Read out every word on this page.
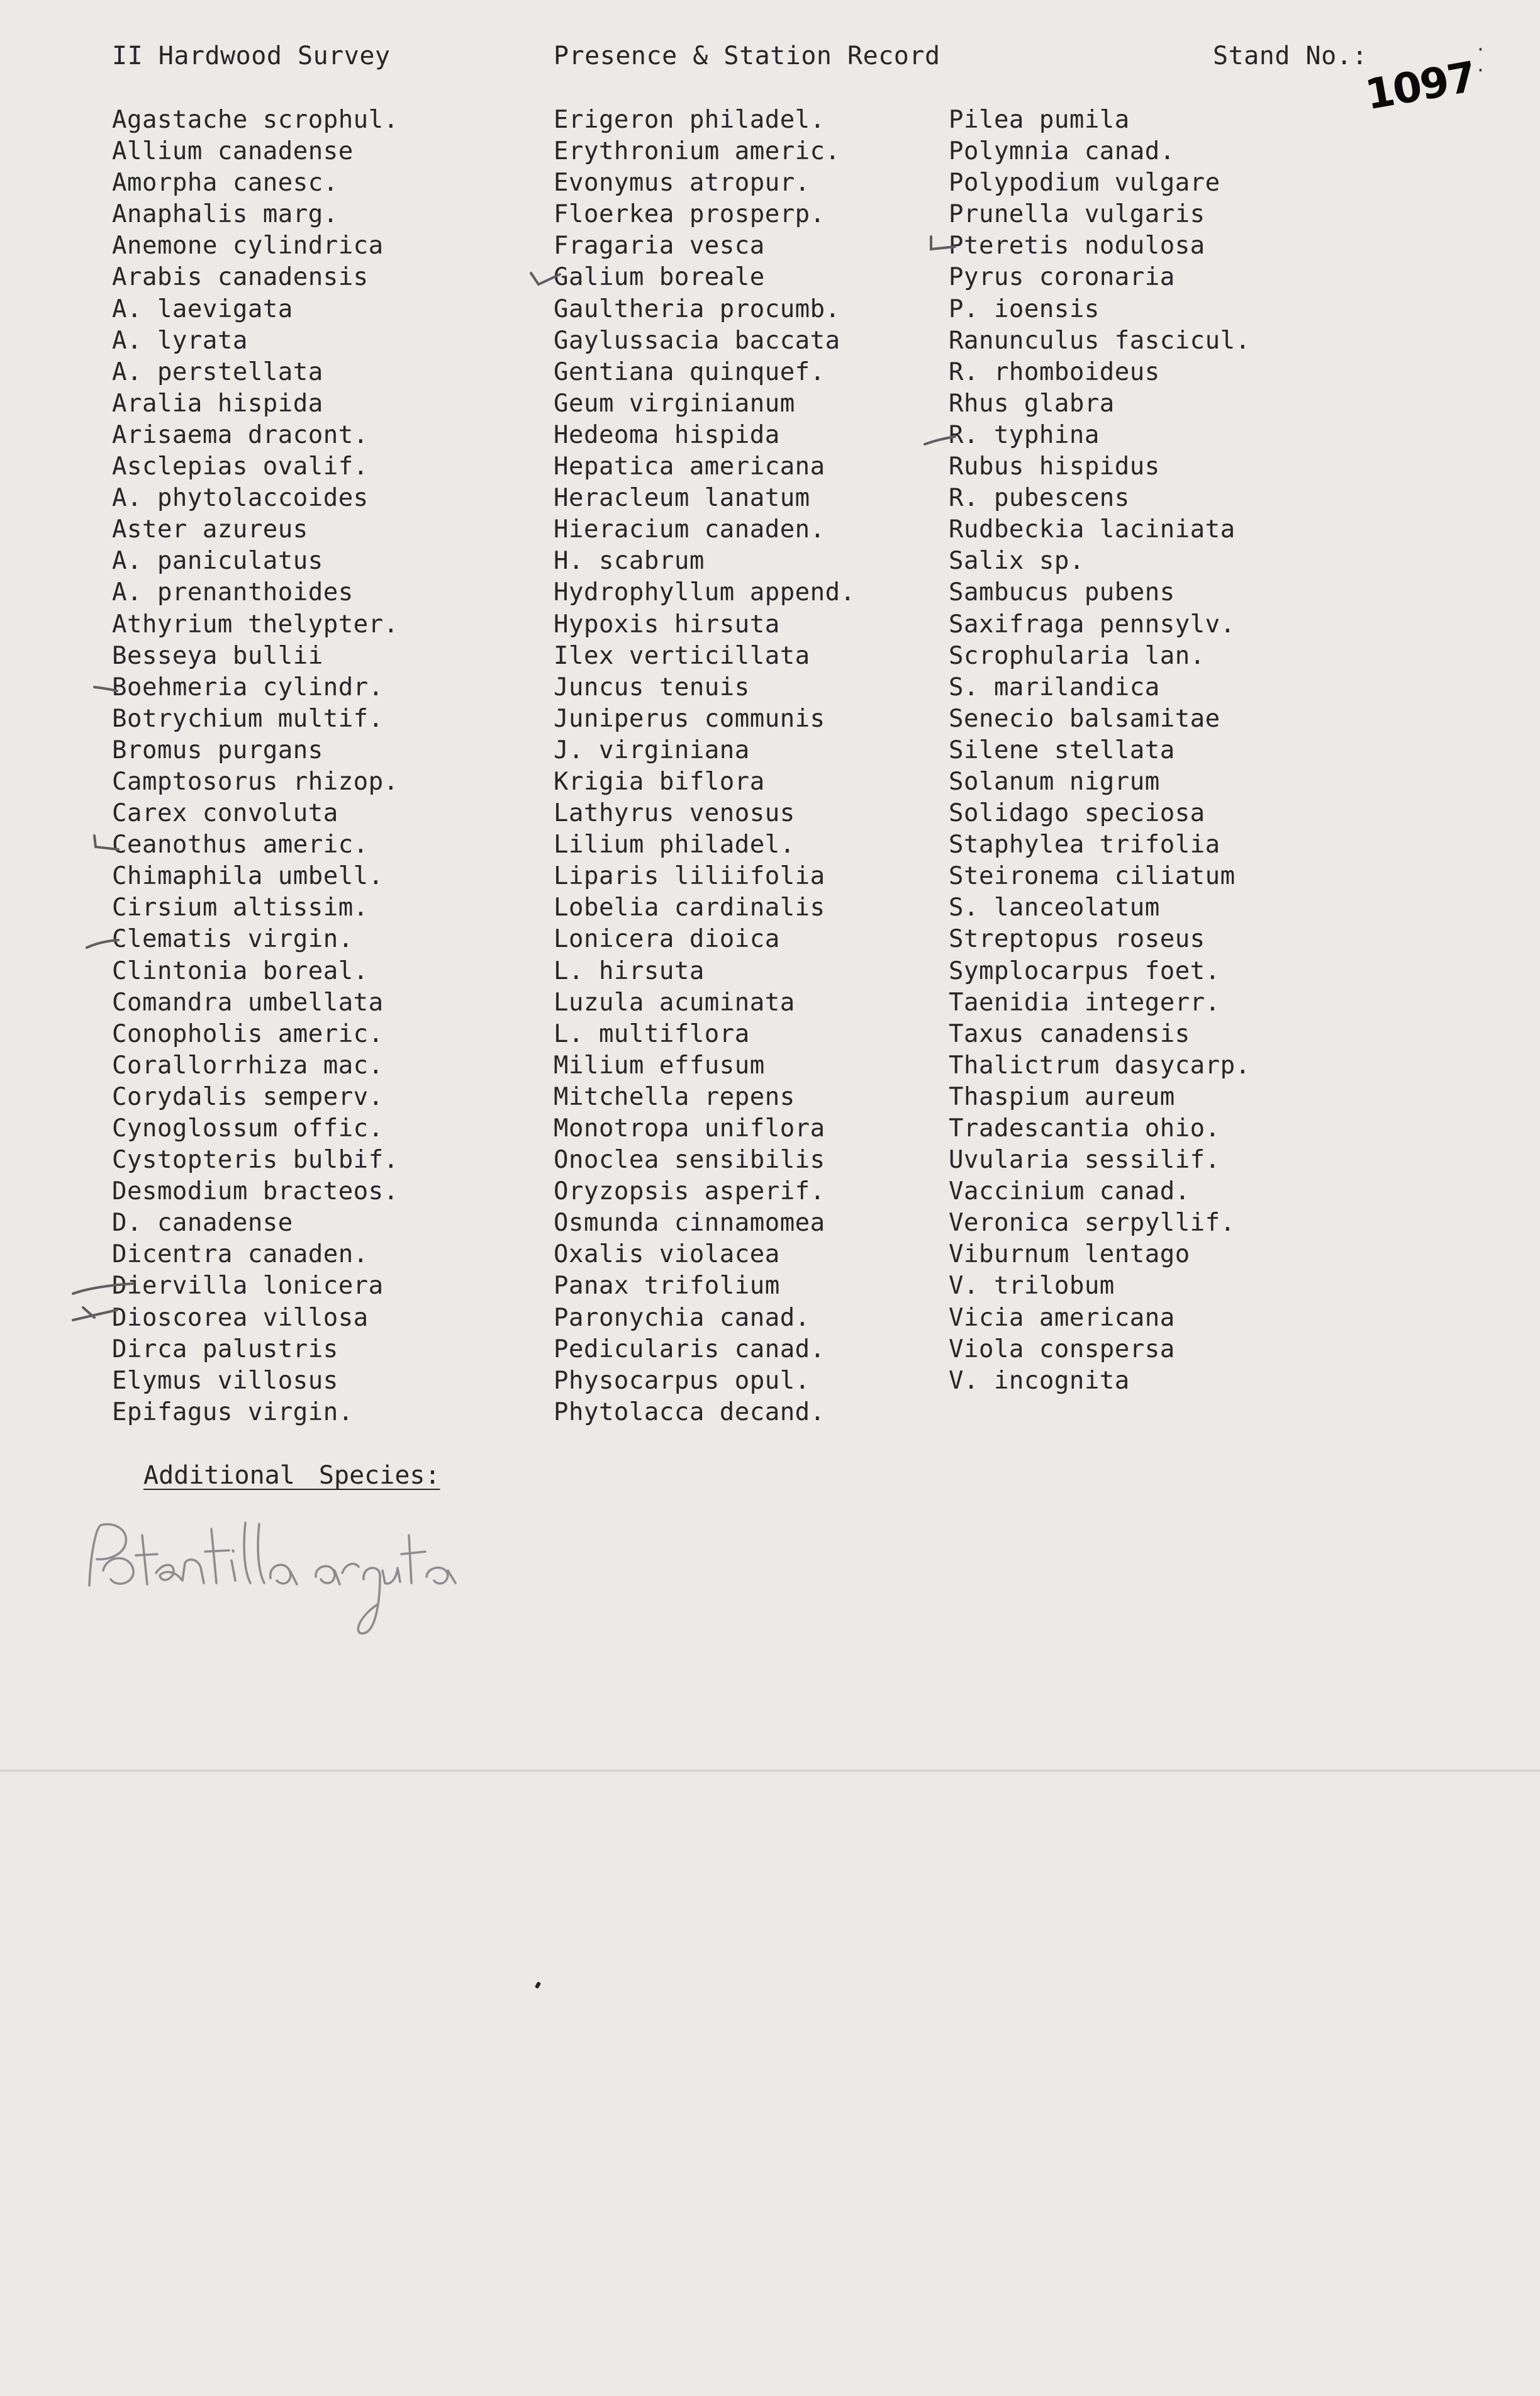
II Hardwood Survey	Presence & Station Record	Stand No.:
1097
· ·
Agastache scrophul.
Allium canadense
Amorpha canesc.
Anaphalis marg.
Anemone cylindrica
Arabis canadensis
A. laevigata
A. lyrata
A. perstellata
Aralia hispida
Arisaema dracont.
Asclepias ovalif.
A. phytolaccoides
Aster azureus
A. paniculatus
A. prenanthoides
Athyrium thelypter.
Besseya bullii
Boehmeria cylindr.
Botrychium multif.
Bromus purgans
Camptosorus rhizop.
Carex convoluta
Ceanothus americ.
Chimaphila umbell.
Cirsium altissim.
Clematis virgin.
Clintonia boreal.
Comandra umbellata
Conopholis americ.
Corallorrhiza mac.
Corydalis semperv.
Cynoglossum offic.
Cystopteris bulbif.
Desmodium bracteos.
D. canadense
Dicentra canaden.
Diervilla lonicera
Dioscorea villosa
Dirca palustris
Elymus villosus
Epifagus virgin.
Erigeron philadel.
Erythronium americ.
Evonymus atropur.
Floerkea prosperp.
Fragaria vesca
Galium boreale
Gaultheria procumb.
Gaylussacia baccata
Gentiana quinquef.
Geum virginianum
Hedeoma hispida
Hepatica americana
Heracleum lanatum
Hieracium canaden.
H. scabrum
Hydrophyllum append.
Hypoxis hirsuta
Ilex verticillata
Juncus tenuis
Juniperus communis
J. virginiana
Krigia biflora
Lathyrus venosus
Lilium philadel.
Liparis liliifolia
Lobelia cardinalis
Lonicera dioica
L. hirsuta
Luzula acuminata
L. multiflora
Milium effusum
Mitchella repens
Monotropa uniflora
Onoclea sensibilis
Oryzopsis asperif.
Osmunda cinnamomea
Oxalis violacea
Panax trifolium
Paronychia canad.
Pedicularis canad.
Physocarpus opul.
Phytolacca decand.
Pilea pumila
Polymnia canad.
Polypodium vulgare
Prunella vulgaris
Pteretis nodulosa
Pyrus coronaria
P. ioensis
Ranunculus fascicul.
R. rhomboideus
Rhus glabra
R. typhina
Rubus hispidus
R. pubescens
Rudbeckia laciniata
Salix sp.
Sambucus pubens
Saxifraga pennsylv.
Scrophularia lan.
S. marilandica
Senecio balsamitae
Silene stellata
Solanum nigrum
Solidago speciosa
Staphylea trifolia
Steironema ciliatum
S. lanceolatum
Streptopus roseus
Symplocarpus foet.
Taenidia integerr.
Taxus canadensis
Thalictrum dasycarp.
Thaspium aureum
Tradescantia ohio.
Uvularia sessilif.
Vaccinium canad.
Veronica serpyllif.
Viburnum lentago
V. trilobum
Vicia americana
Viola conspersa
V. incognita
Additional Species:
